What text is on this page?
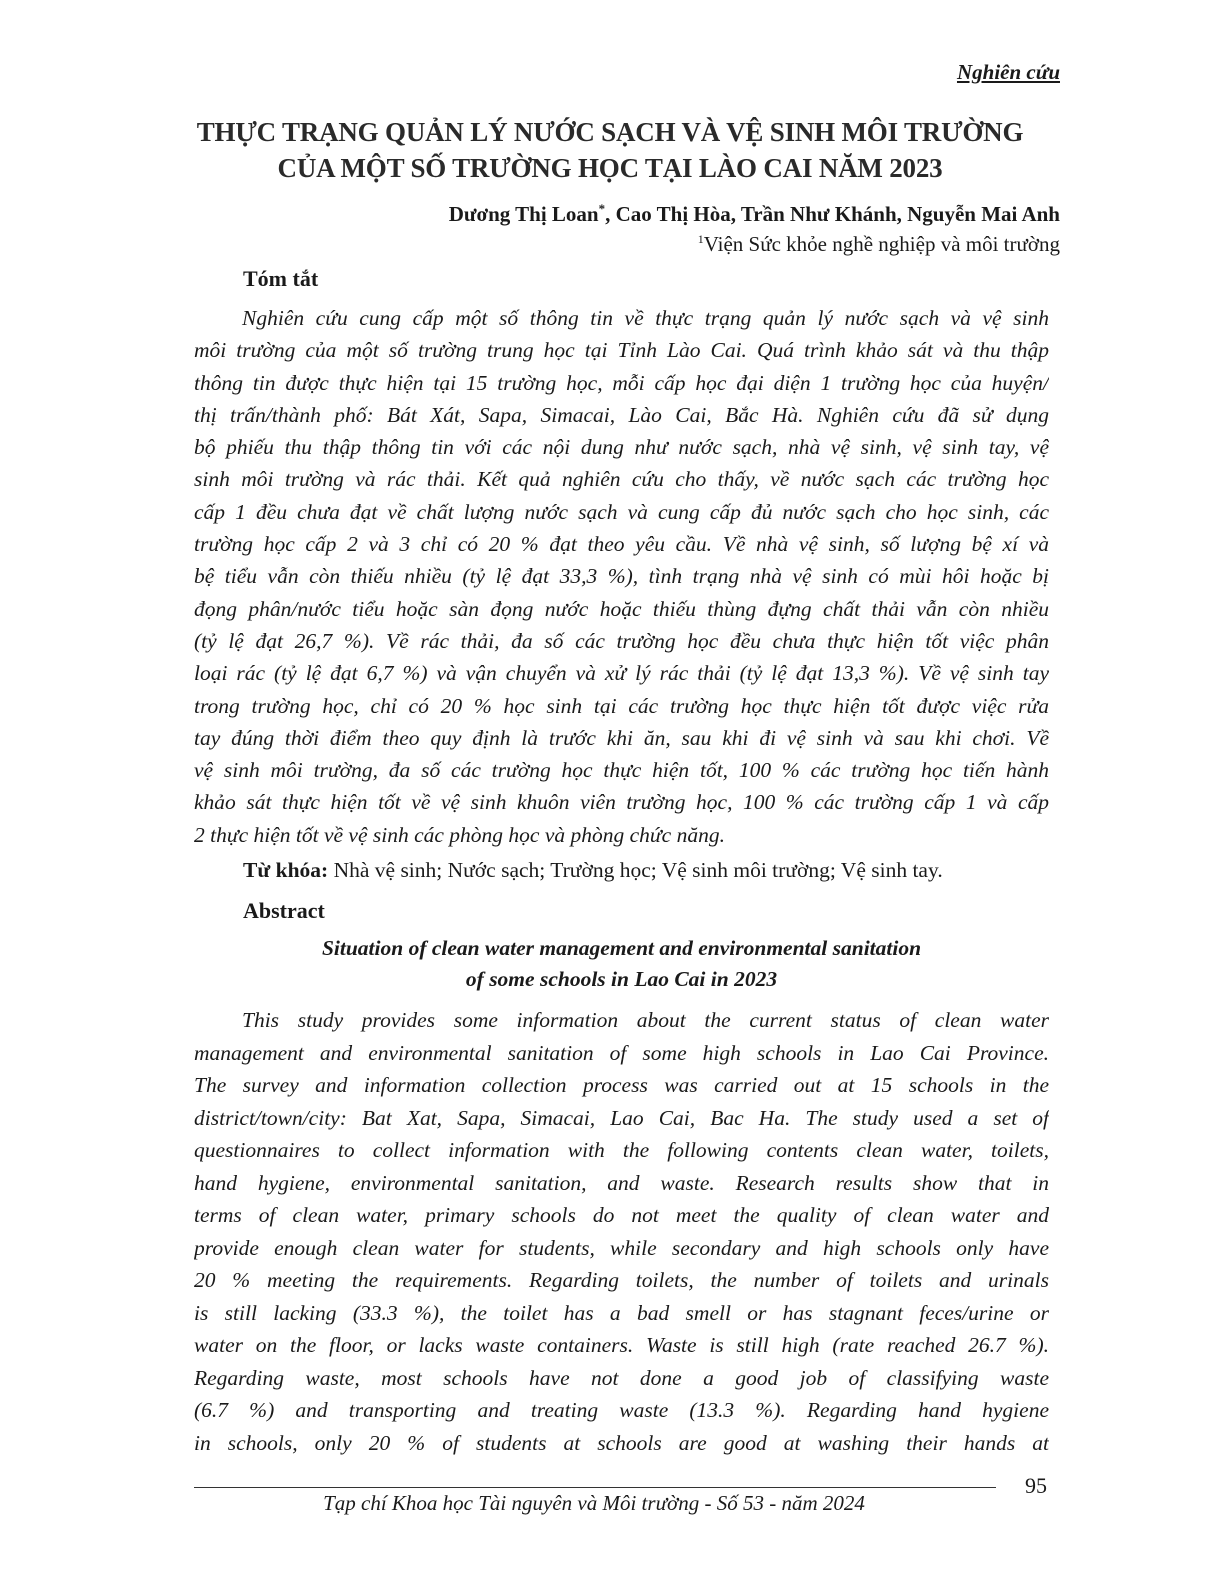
Nghiên cứu
THỰC TRẠNG QUẢN LÝ NƯỚC SẠCH VÀ VỆ SINH MÔI TRƯỜNG
CỦA MỘT SỐ TRƯỜNG HỌC TẠI LÀO CAI NĂM 2023
Dương Thị Loan*, Cao Thị Hòa, Trần Như Khánh, Nguyễn Mai Anh
$^1$Viện Sức khỏe nghề nghiệp và môi trường
Tóm tắt
Nghiên cứu cung cấp một số thông tin về thực trạng quản lý nước sạch và vệ sinh
môi trường của một số trường trung học tại Tỉnh Lào Cai. Quá trình khảo sát và thu thập
thông tin được thực hiện tại 15 trường học, mỗi cấp học đại diện 1 trường học của huyện/
thị trấn/thành phố: Bát Xát, Sapa, Simacai, Lào Cai, Bắc Hà. Nghiên cứu đã sử dụng
bộ phiếu thu thập thông tin với các nội dung như nước sạch, nhà vệ sinh, vệ sinh tay, vệ
sinh môi trường và rác thải. Kết quả nghiên cứu cho thấy, về nước sạch các trường học
cấp 1 đều chưa đạt về chất lượng nước sạch và cung cấp đủ nước sạch cho học sinh, các
trường học cấp 2 và 3 chỉ có 20 % đạt theo yêu cầu. Về nhà vệ sinh, số lượng bệ xí và
bệ tiểu vẫn còn thiếu nhiều (tỷ lệ đạt 33,3 %), tình trạng nhà vệ sinh có mùi hôi hoặc bị
đọng phân/nước tiểu hoặc sàn đọng nước hoặc thiếu thùng đựng chất thải vẫn còn nhiều
(tỷ lệ đạt 26,7 %). Về rác thải, đa số các trường học đều chưa thực hiện tốt việc phân
loại rác (tỷ lệ đạt 6,7 %) và vận chuyển và xử lý rác thải (tỷ lệ đạt 13,3 %). Về vệ sinh tay
trong trường học, chỉ có 20 % học sinh tại các trường học thực hiện tốt được việc rửa
tay đúng thời điểm theo quy định là trước khi ăn, sau khi đi vệ sinh và sau khi chơi. Về
vệ sinh môi trường, đa số các trường học thực hiện tốt, 100 % các trường học tiến hành
khảo sát thực hiện tốt về vệ sinh khuôn viên trường học, 100 % các trường cấp 1 và cấp
2 thực hiện tốt về vệ sinh các phòng học và phòng chức năng.
Từ khóa: Nhà vệ sinh; Nước sạch; Trường học; Vệ sinh môi trường; Vệ sinh tay.
Abstract
Situation of clean water management and environmental sanitation
of some schools in Lao Cai in 2023
This study provides some information about the current status of clean water
management and environmental sanitation of some high schools in Lao Cai Province.
The survey and information collection process was carried out at 15 schools in the
district/town/city: Bat Xat, Sapa, Simacai, Lao Cai, Bac Ha. The study used a set of
questionnaires to collect information with the following contents clean water, toilets,
hand hygiene, environmental sanitation, and waste. Research results show that in
terms of clean water, primary schools do not meet the quality of clean water and
provide enough clean water for students, while secondary and high schools only have
20 % meeting the requirements. Regarding toilets, the number of toilets and urinals
is still lacking (33.3 %), the toilet has a bad smell or has stagnant feces/urine or
water on the floor, or lacks waste containers. Waste is still high (rate reached 26.7 %).
Regarding waste, most schools have not done a good job of classifying waste
(6.7 %) and transporting and treating waste (13.3 %). Regarding hand hygiene
in schools, only 20 % of students at schools are good at washing their hands at
95
Tạp chí Khoa học Tài nguyên và Môi trường - Số 53 - năm 2024
